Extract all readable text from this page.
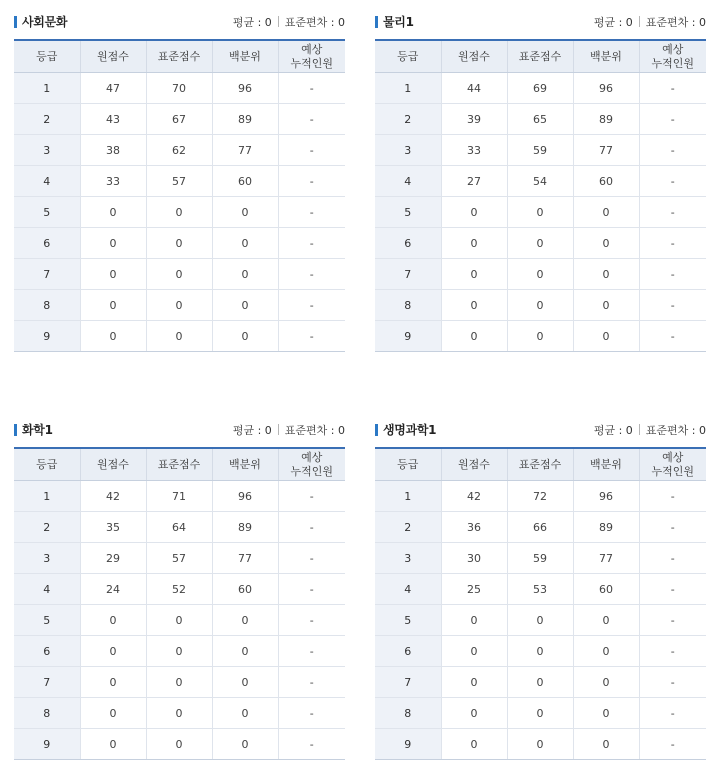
사회문화	평균 : 0 표준편차 : 0
등급	원점수	표준점수	백분위	예상
누적인원
1	47	70	96	-
2	43	67	89	-
3	38	62	77	-
4	33	57	60	-
5	0	0	0	-
6	0	0	0	-
7	0	0	0	-
8	0	0	0	-
9	0	0	0	-
물리1	평균 : 0 표준편차 : 0
등급	원점수	표준점수	백분위	예상
누적인원
1	44	69	96	-
2	39	65	89	-
3	33	59	77	-
4	27	54	60	-
5	0	0	0	-
6	0	0	0	-
7	0	0	0	-
8	0	0	0	-
9	0	0	0	-
화학1	평균 : 0 표준편차 : 0
등급	원점수	표준점수	백분위	예상
누적인원
1	42	71	96	-
2	35	64	89	-
3	29	57	77	-
4	24	52	60	-
5	0	0	0	-
6	0	0	0	-
7	0	0	0	-
8	0	0	0	-
9	0	0	0	-
생명과학1	평균 : 0 표준편차 : 0
등급	원점수	표준점수	백분위	예상
누적인원
1	42	72	96	-
2	36	66	89	-
3	30	59	77	-
4	25	53	60	-
5	0	0	0	-
6	0	0	0	-
7	0	0	0	-
8	0	0	0	-
9	0	0	0	-
